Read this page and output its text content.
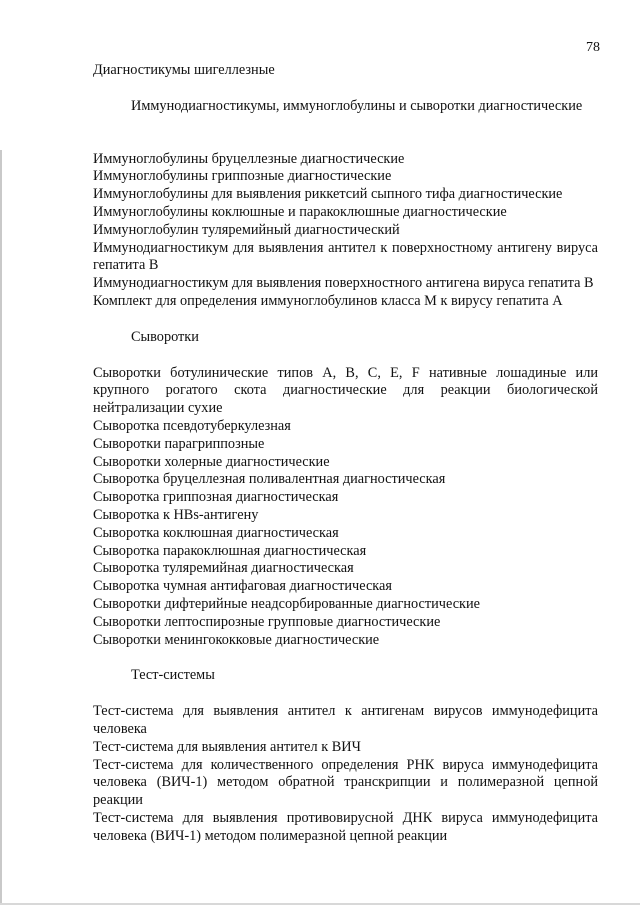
78

Диагностикумы шигеллезные

Иммунодиагностикумы, иммуноглобулины и сыворотки диагностические

Иммуноглобулины бруцеллезные диагностические

Иммуноглобулины гриппозные диагностические

Иммуноглобулины для выявления риккетсий сыпного тифа диагностические

Иммуноглобулины коклюшные и паракоклюшные диагностические

Иммуноглобулин туляремийный диагностический

Иммунодиагностикум для выявления антител к поверхностному антигену вируса гепатита В

Иммунодиагностикум для выявления поверхностного антигена вируса гепатита В

Комплект для определения иммуноглобулинов класса М к вирусу гепатита А

Сыворотки

Сыворотки ботулинические типов А, В, С, Е, F нативные лошадиные или крупного рогатого скота диагностические для реакции биологической нейтрализации сухие

Сыворотка псевдотуберкулезная

Сыворотки парагриппозные

Сыворотки холерные диагностические

Сыворотка бруцеллезная поливалентная диагностическая

Сыворотка гриппозная диагностическая

Сыворотка к HBs-антигену

Сыворотка коклюшная диагностическая

Сыворотка паракоклюшная диагностическая

Сыворотка туляремийная диагностическая

Сыворотка чумная антифаговая диагностическая

Сыворотки дифтерийные неадсорбированные диагностические

Сыворотки лептоспирозные групповые диагностические

Сыворотки менингококковые диагностические

Тест-системы

Тест-система для выявления антител к антигенам вирусов иммунодефицита человека

Тест-система для выявления антител к ВИЧ

Тест-система для количественного определения РНК вируса иммунодефицита человека (ВИЧ-1) методом обратной транскрипции и полимеразной цепной реакции

Тест-система для выявления противовирусной ДНК вируса иммунодефицита человека (ВИЧ-1) методом полимеразной цепной реакции
